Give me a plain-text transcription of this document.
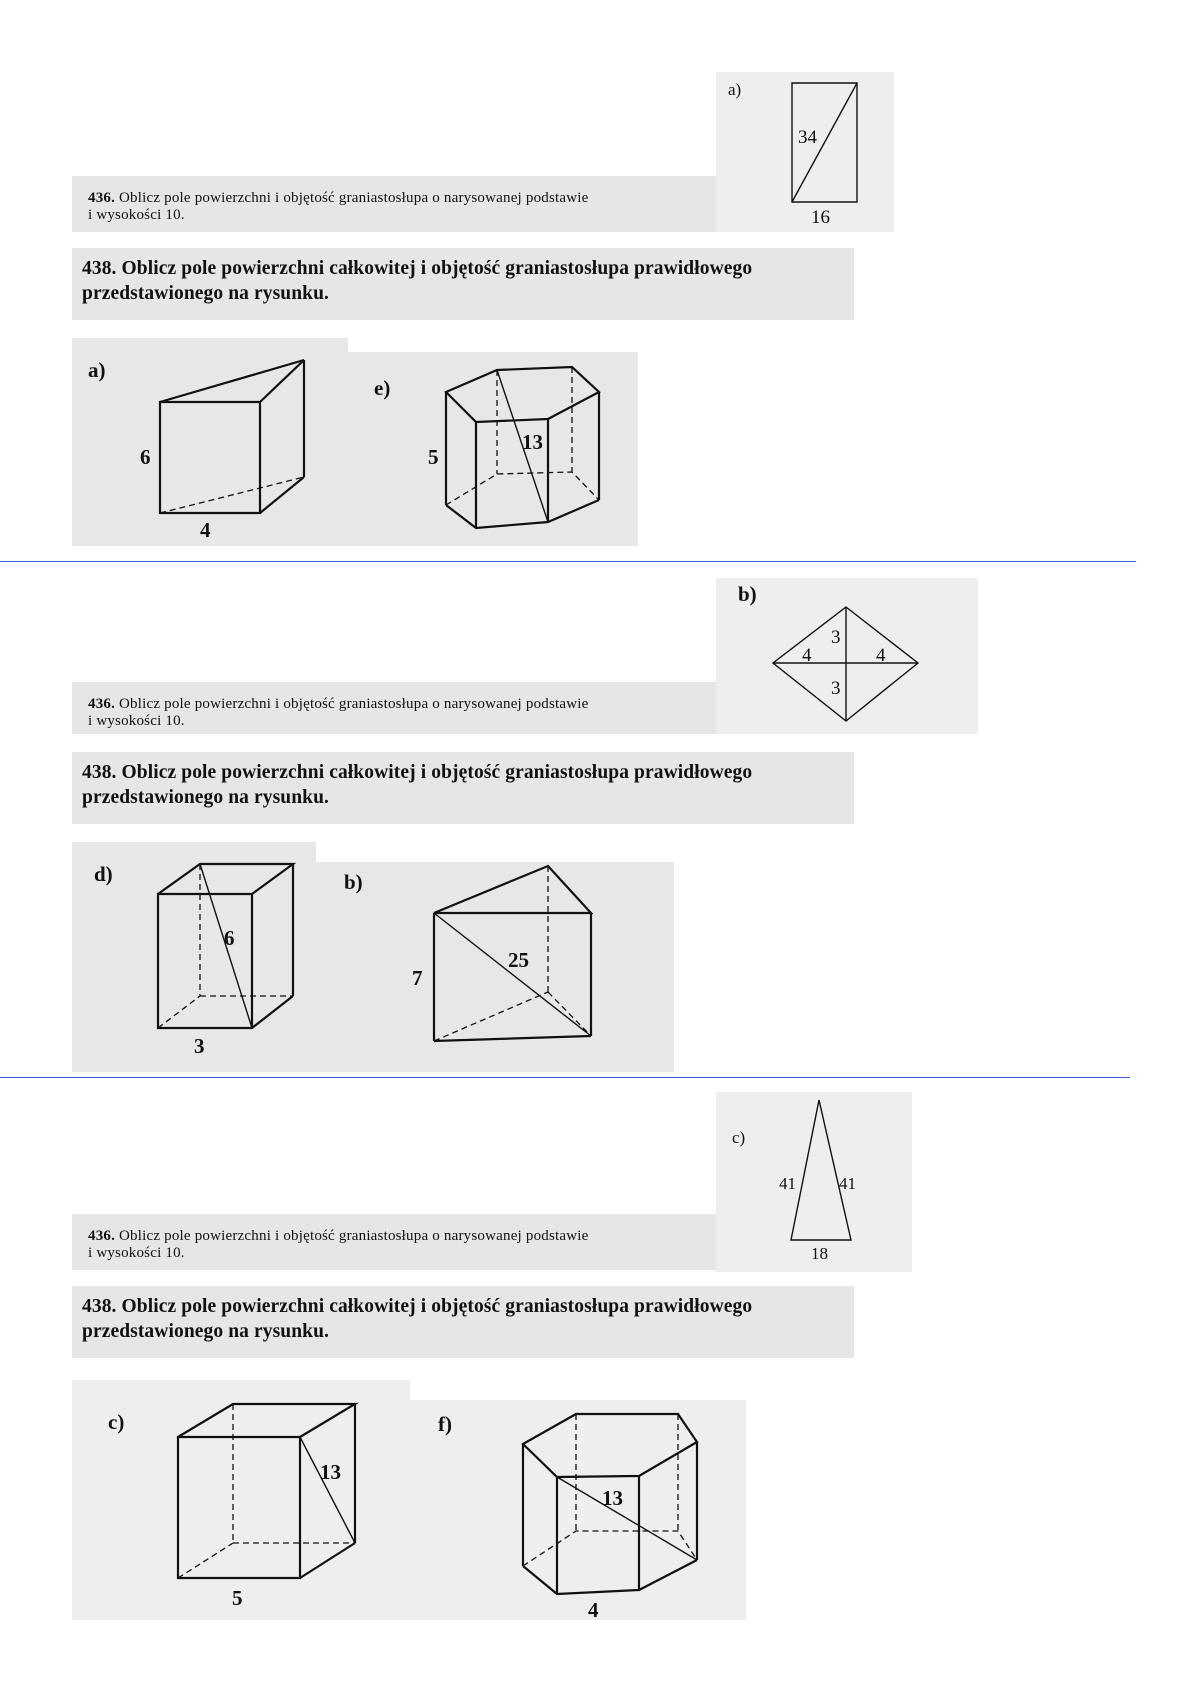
a)
34
16
436. Oblicz pole powierzchni i objętość graniastosłupa o narysowanej podstawie
i wysokości 10.
438. Oblicz pole powierzchni całkowitej i objętość graniastosłupa prawidłowego
przedstawionego na rysunku.
a)
6
4
e)
5
13
b)
3
4	4
3
436. Oblicz pole powierzchni i objętość graniastosłupa o narysowanej podstawie
i wysokości 10.
438. Oblicz pole powierzchni całkowitej i objętość graniastosłupa prawidłowego
przedstawionego na rysunku.
d)
6
3
b)
7
25
c)
41	41
18
436. Oblicz pole powierzchni i objętość graniastosłupa o narysowanej podstawie
i wysokości 10.
438. Oblicz pole powierzchni całkowitej i objętość graniastosłupa prawidłowego
przedstawionego na rysunku.
c)
13
5
f)
13
4
